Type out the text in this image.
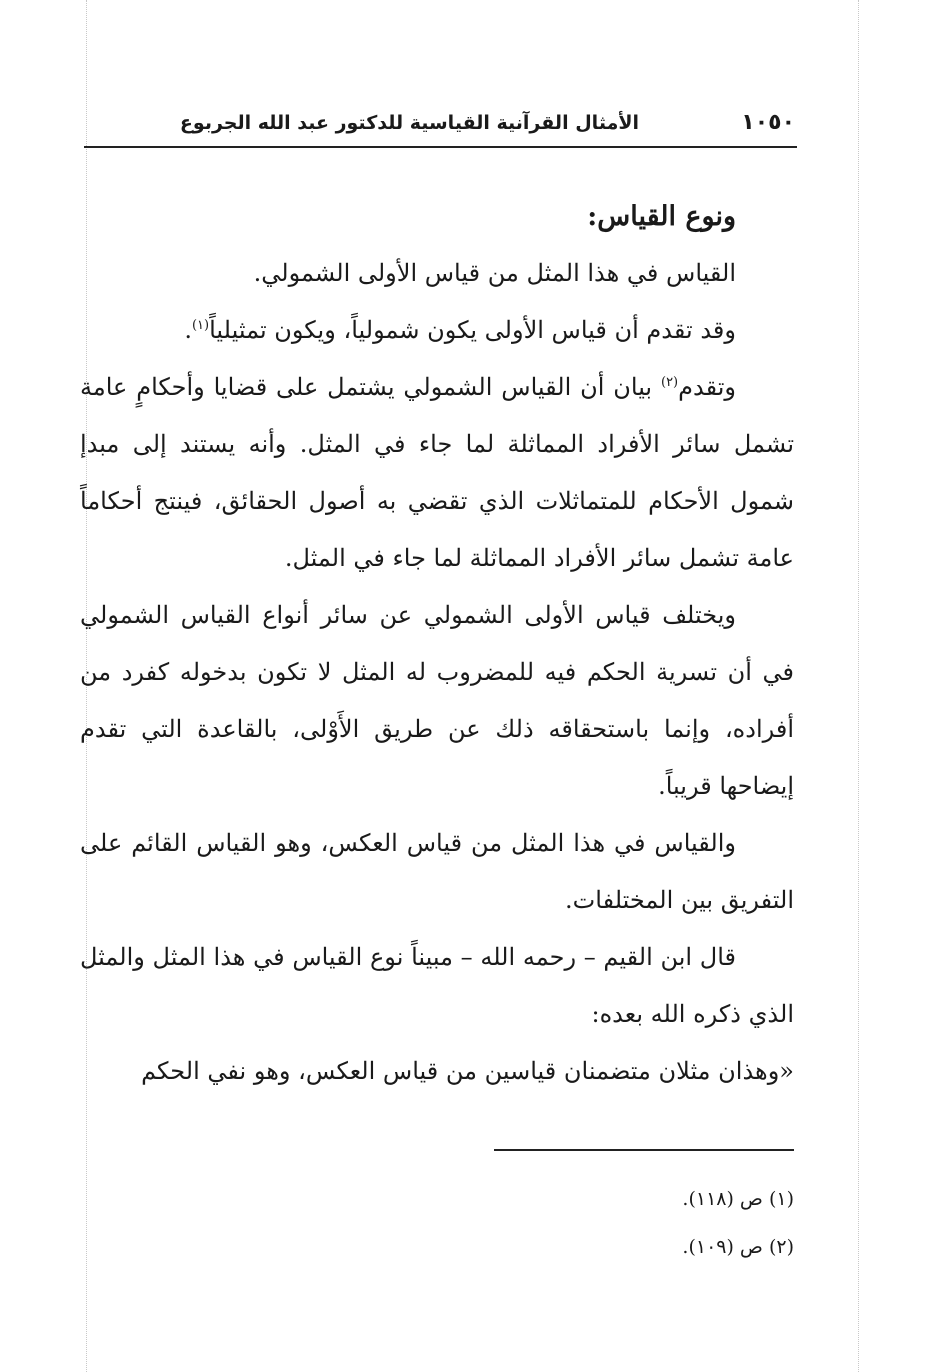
الأمثال القرآنية القياسية للدكتور عبد الله الجربوع	١٠٥٠

ونوع القياس:

القياس في هذا المثل من قياس الأولى الشمولي.

وقد تقدم أن قياس الأولى يكون شمولياً، ويكون تمثيلياً$^{(١)}$.

وتقدم$^{(٢)}$ بيان أن القياس الشمولي يشتمل على قضايا وأحكامٍ عامة تشمل سائر الأفراد المماثلة لما جاء في المثل. وأنه يستند إلى مبدإ شمول الأحكام للمتماثلات الذي تقضي به أصول الحقائق، فينتج أحكاماً عامة تشمل سائر الأفراد المماثلة لما جاء في المثل.

ويختلف قياس الأولى الشمولي عن سائر أنواع القياس الشمولي في أن تسرية الحكم فيه للمضروب له المثل لا تكون بدخوله كفرد من أفراده، وإنما باستحقاقه ذلك عن طريق الأَوْلى، بالقاعدة التي تقدم إيضاحها قريباً.

والقياس في هذا المثل من قياس العكس، وهو القياس القائم على التفريق بين المختلفات.

قال ابن القيم – رحمه الله – مبيناً نوع القياس في هذا المثل والمثل الذي ذكره الله بعده:

«وهذان مثلان متضمنان قياسين من قياس العكس، وهو نفي الحكم

(١) ص (١١٨).
(٢) ص (١٠٩).
